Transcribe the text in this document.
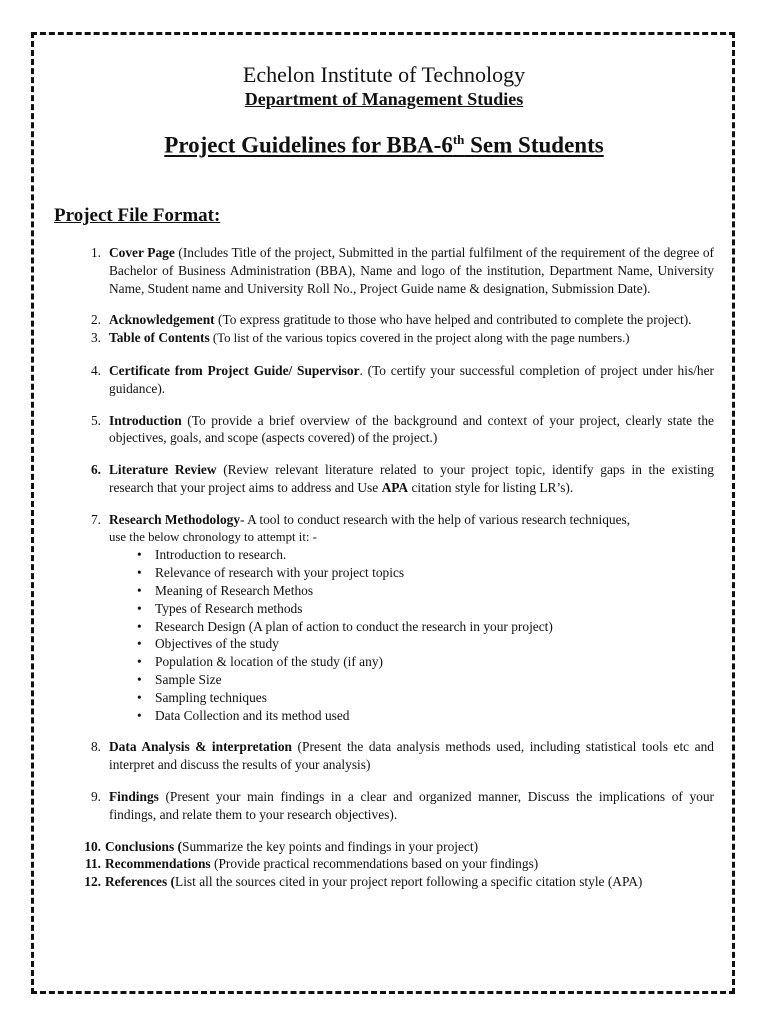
Echelon Institute of Technology
Department of Management Studies
Project Guidelines for BBA-6th Sem Students
Project File Format:
1. Cover Page (Includes Title of the project, Submitted in the partial fulfilment of the requirement of the degree of Bachelor of Business Administration (BBA), Name and logo of the institution, Department Name, University Name, Student name and University Roll No., Project Guide name & designation, Submission Date).
2. Acknowledgement (To express gratitude to those who have helped and contributed to complete the project).
3. Table of Contents (To list of the various topics covered in the project along with the page numbers.)
4. Certificate from Project Guide/ Supervisor. (To certify your successful completion of project under his/her guidance).
5. Introduction (To provide a brief overview of the background and context of your project, clearly state the objectives, goals, and scope (aspects covered) of the project.)
6. Literature Review (Review relevant literature related to your project topic, identify gaps in the existing research that your project aims to address and Use APA citation style for listing LR’s).
7. Research Methodology- A tool to conduct research with the help of various research techniques,
use the below chronology to attempt it: -
• Introduction to research.
• Relevance of research with your project topics
• Meaning of Research Methos
• Types of Research methods
• Research Design (A plan of action to conduct the research in your project)
• Objectives of the study
• Population & location of the study (if any)
• Sample Size
• Sampling techniques
• Data Collection and its method used
8. Data Analysis & interpretation (Present the data analysis methods used, including statistical tools etc and interpret and discuss the results of your analysis)
9. Findings (Present your main findings in a clear and organized manner, Discuss the implications of your findings, and relate them to your research objectives).
10. Conclusions (Summarize the key points and findings in your project)
11. Recommendations (Provide practical recommendations based on your findings)
12. References (List all the sources cited in your project report following a specific citation style (APA)
